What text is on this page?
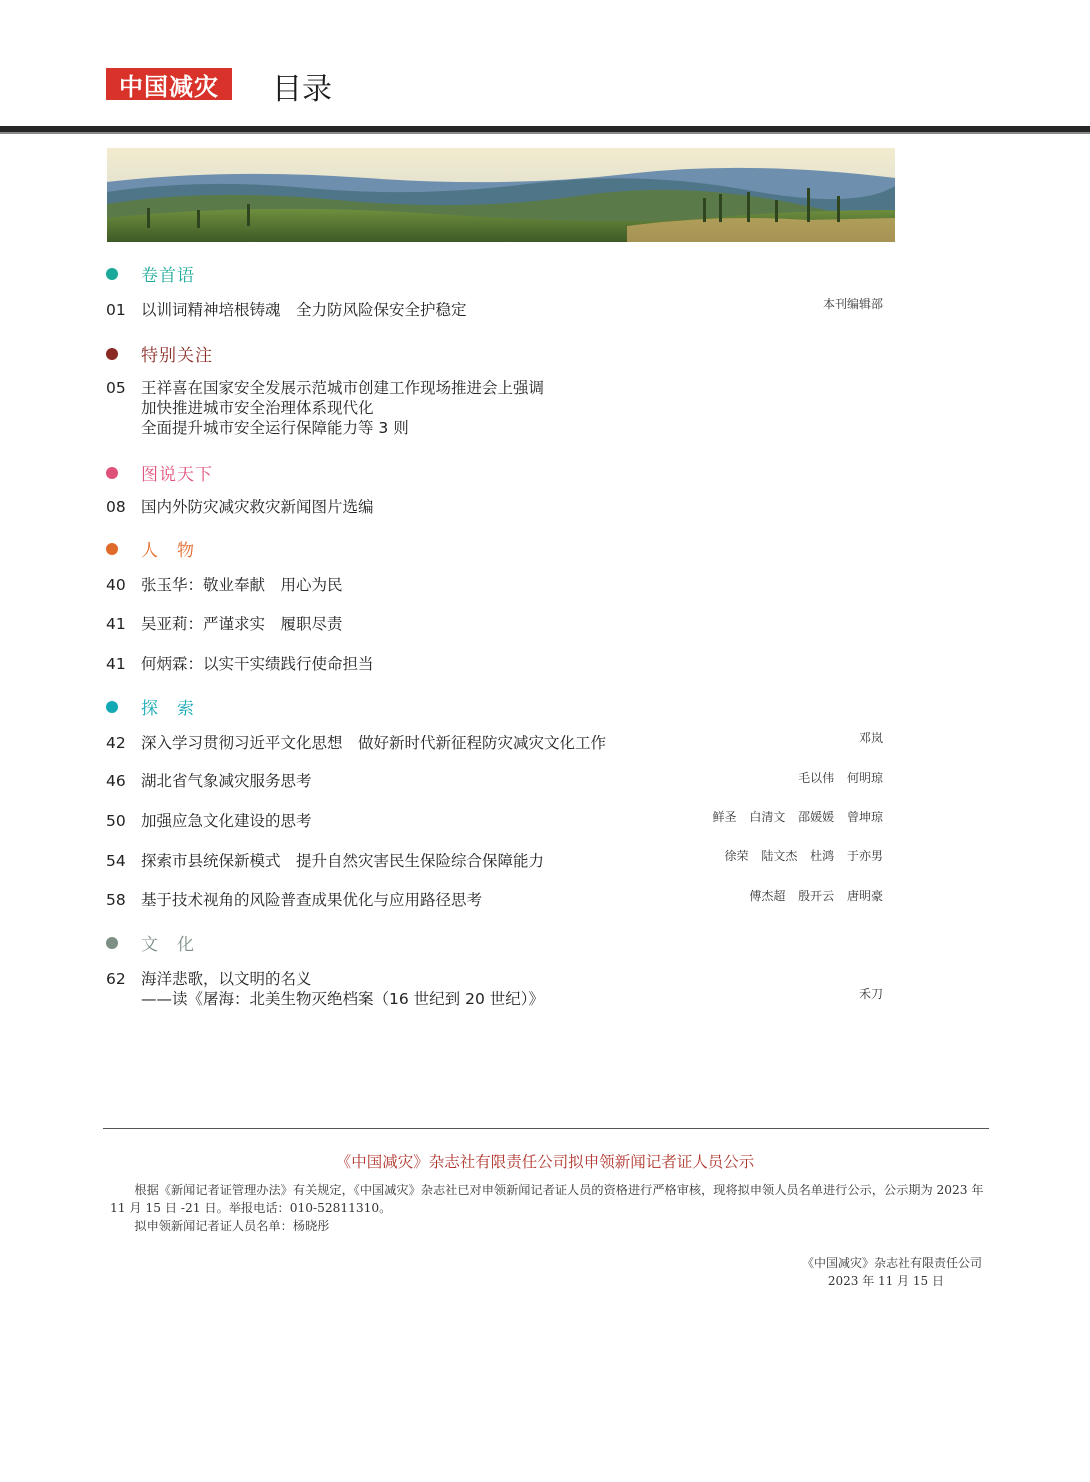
中国减灾	目录
卷首语
01 以训词精神培根铸魂　全力防风险保安全护稳定	本刊编辑部
特别关注
05 王祥喜在国家安全发展示范城市创建工作现场推进会上强调
加快推进城市安全治理体系现代化
全面提升城市安全运行保障能力等 3 则
图说天下
08 国内外防灾减灾救灾新闻图片选编
人　物
40 张玉华：敬业奉献　用心为民
41 吴亚莉：严谨求实　履职尽责
41 何炳霖：以实干实绩践行使命担当
探　索
42 深入学习贯彻习近平文化思想　做好新时代新征程防灾减灾文化工作	邓岚
46 湖北省气象减灾服务思考	毛以伟 何明琼
50 加强应急文化建设的思考	鲜圣 白清文 邵媛媛 曾坤琼
54 探索市县统保新模式　提升自然灾害民生保险综合保障能力	徐荣 陆文杰 杜鸿 于亦男
58 基于技术视角的风险普查成果优化与应用路径思考	傅杰超 殷开云 唐明豪
文　化
62 海洋悲歌，以文明的名义
——读《屠海：北美生物灭绝档案（16 世纪到 20 世纪）》	禾刀
《中国减灾》杂志社有限责任公司拟申领新闻记者证人员公示

根据《新闻记者证管理办法》有关规定，《中国减灾》杂志社已对申领新闻记者证人员的资格进行严格审核，现将拟申领人员名单进行公示，公示期为 2023 年 11 月 15 日 -21 日。举报电话：010-52811310。

拟申领新闻记者证人员名单：杨晓彤

《中国减灾》杂志社有限责任公司
2023 年 11 月 15 日
